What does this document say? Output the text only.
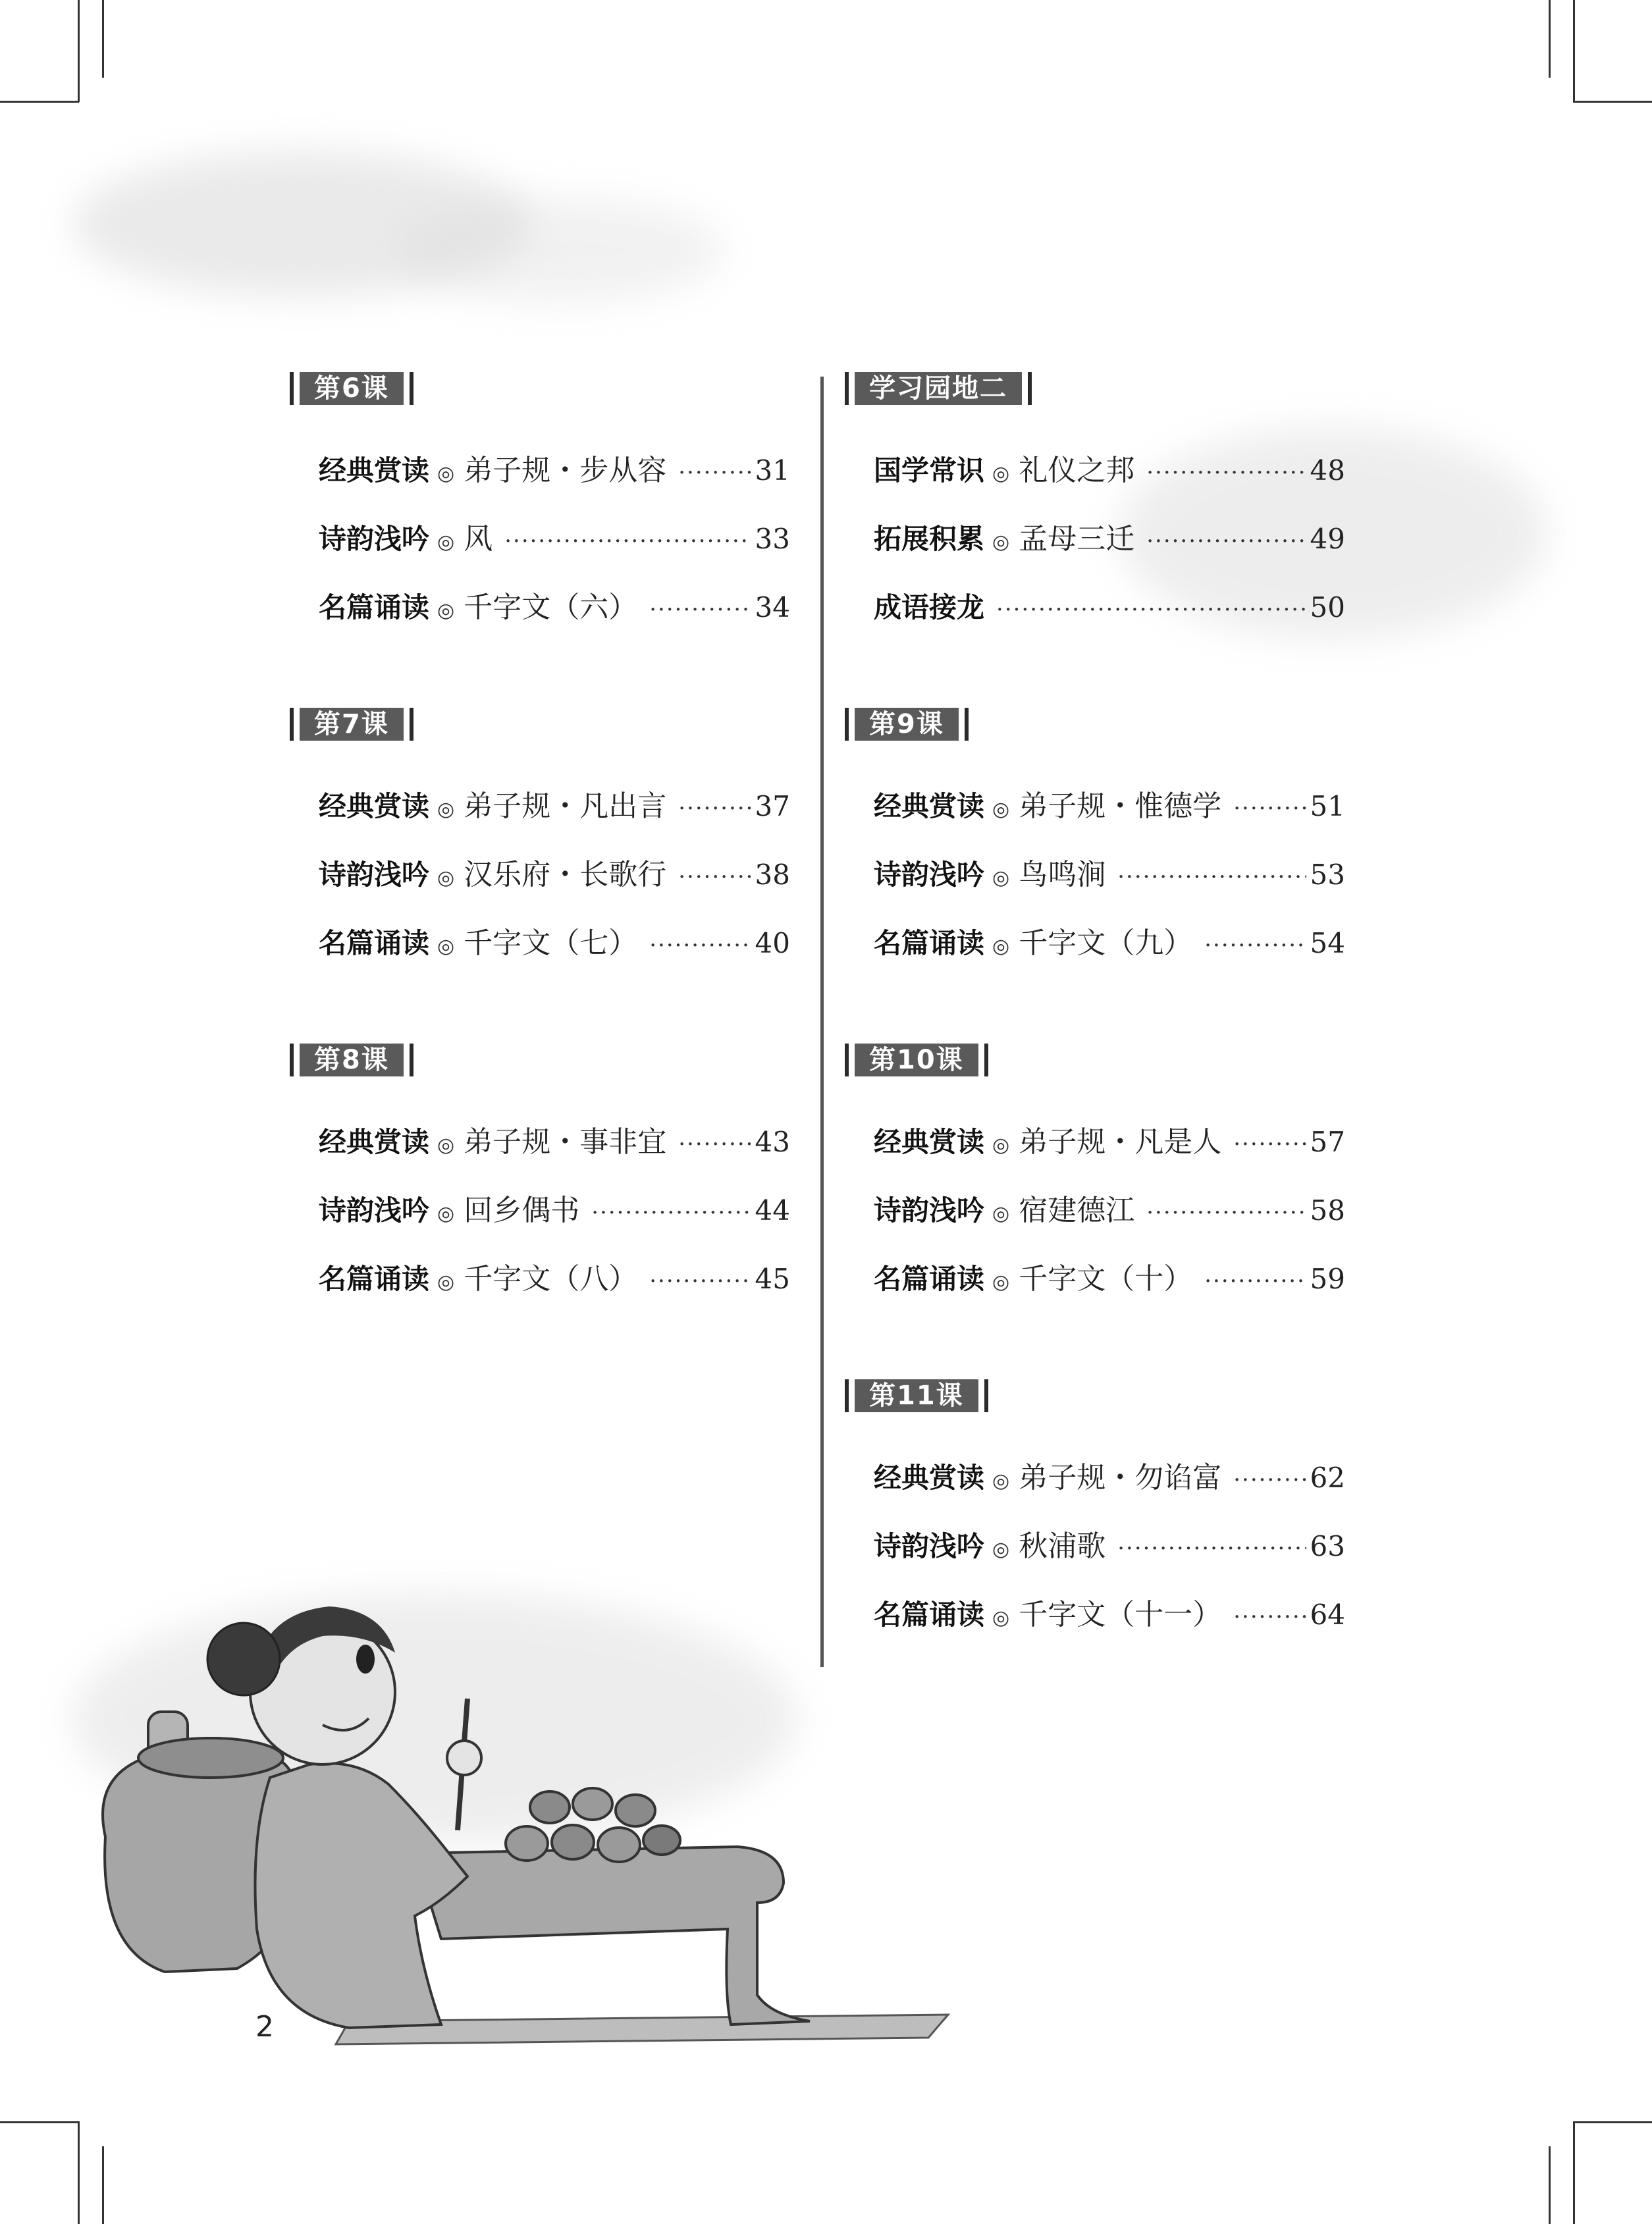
第6课
经典赏读 ◎ 弟子规・步从容 ·····	31
诗韵浅吟 ◎ 风 ·····	33
名篇诵读 ◎ 千字文（六） ·····	34
第7课
经典赏读 ◎ 弟子规・凡出言 ·····	37
诗韵浅吟 ◎ 汉乐府・长歌行 ·····	38
名篇诵读 ◎ 千字文（七） ·····	40
第8课
经典赏读 ◎ 弟子规・事非宜 ·····	43
诗韵浅吟 ◎ 回乡偶书 ·····	44
名篇诵读 ◎ 千字文（八） ·····	45
学习园地二
国学常识 ◎ 礼仪之邦 ·····	48
拓展积累 ◎ 孟母三迁 ·····	49
成语接龙 ·····	50
第9课
经典赏读 ◎ 弟子规・惟德学 ·····	51
诗韵浅吟 ◎ 鸟鸣涧 ·····	53
名篇诵读 ◎ 千字文（九） ·····	54
第10课
经典赏读 ◎ 弟子规・凡是人 ·····	57
诗韵浅吟 ◎ 宿建德江 ·····	58
名篇诵读 ◎ 千字文（十） ·····	59
第11课
经典赏读 ◎ 弟子规・勿谄富 ·····	62
诗韵浅吟 ◎ 秋浦歌 ·····	63
名篇诵读 ◎ 千字文（十一） ·····	64
2
